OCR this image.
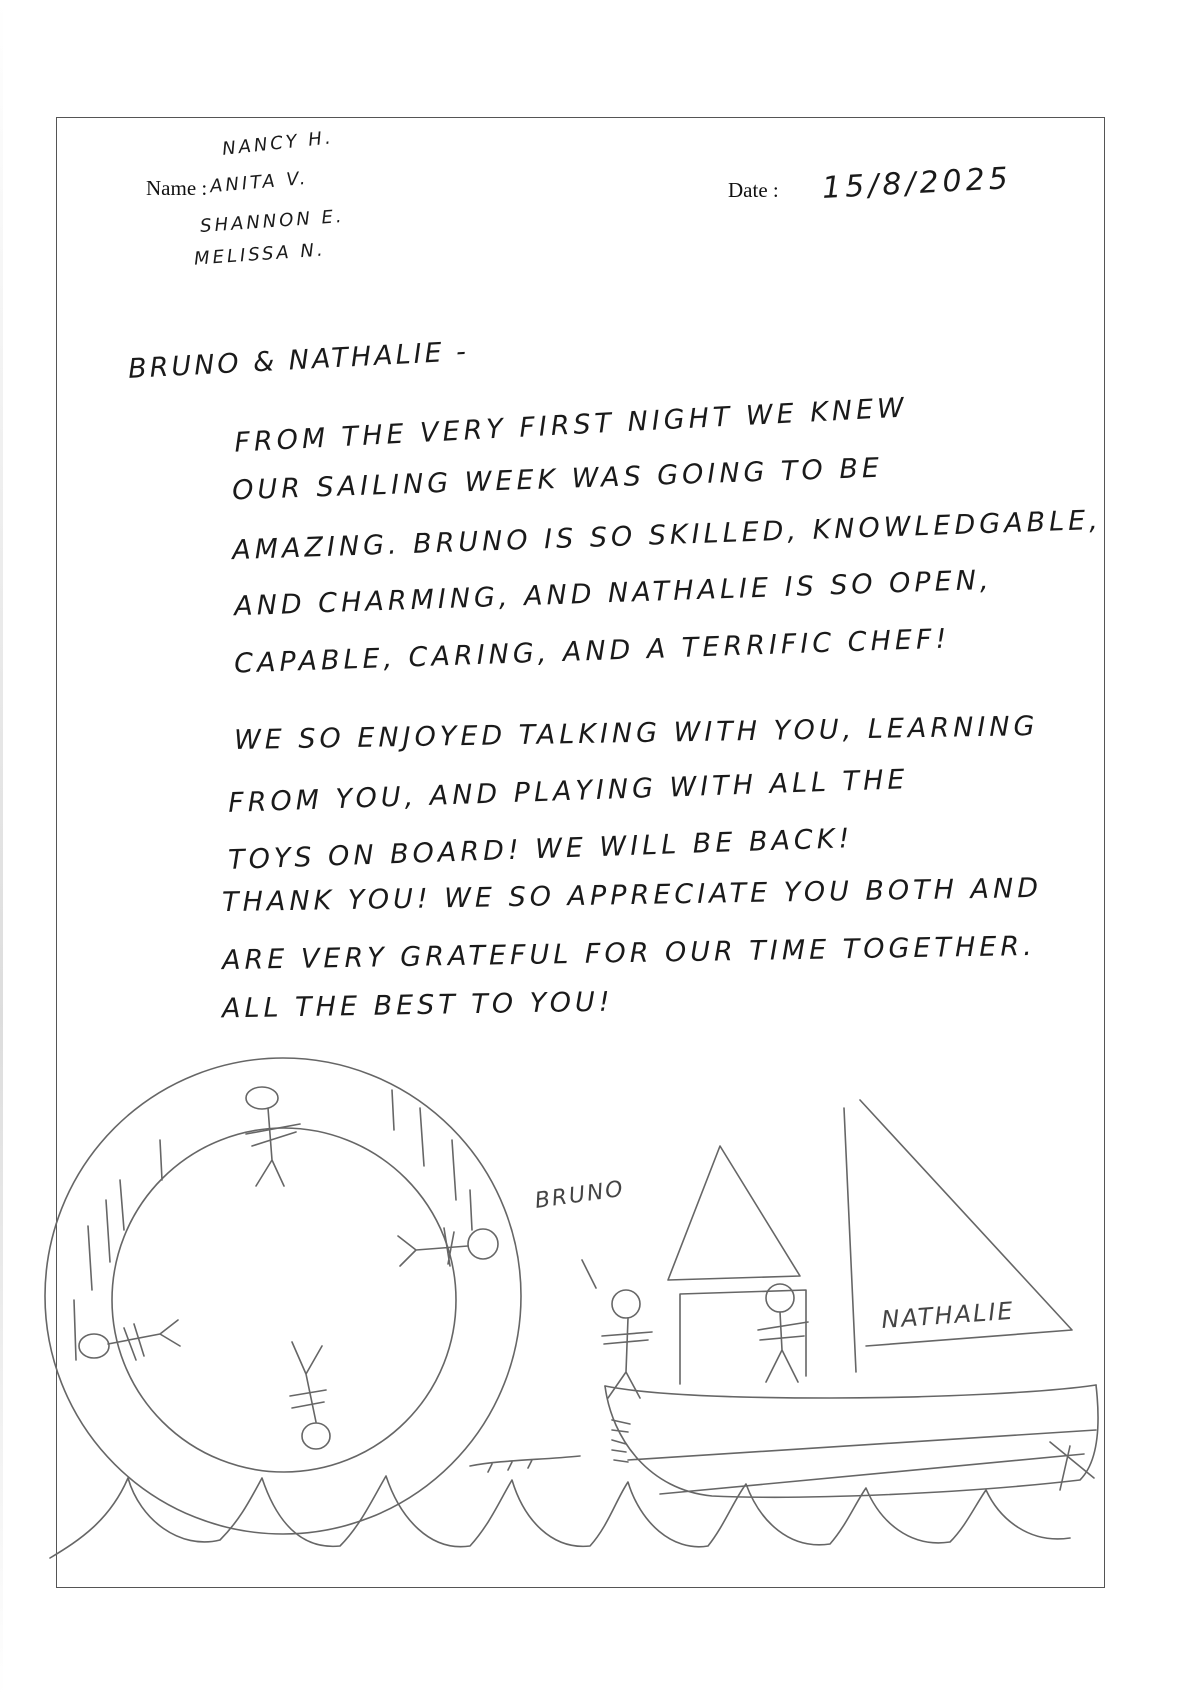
Name :
NANCY H.
ANITA V.
SHANNON E.
MELISSA N.
Date : 15/8/2025
BRUNO & NATHALIE -
FROM THE VERY FIRST NIGHT WE KNEW
OUR SAILING WEEK WAS GOING TO BE
AMAZING. BRUNO IS SO SKILLED, KNOWLEDGABLE,
AND CHARMING, AND NATHALIE IS SO OPEN,
CAPABLE, CARING, AND A TERRIFIC CHEF!
WE SO ENJOYED TALKING WITH YOU, LEARNING
FROM YOU, AND PLAYING WITH ALL THE
TOYS ON BOARD! WE WILL BE BACK!
THANK YOU! WE SO APPRECIATE YOU BOTH AND
ARE VERY GRATEFUL FOR OUR TIME TOGETHER.
ALL THE BEST TO YOU!
BRUNO
NATHALIE
